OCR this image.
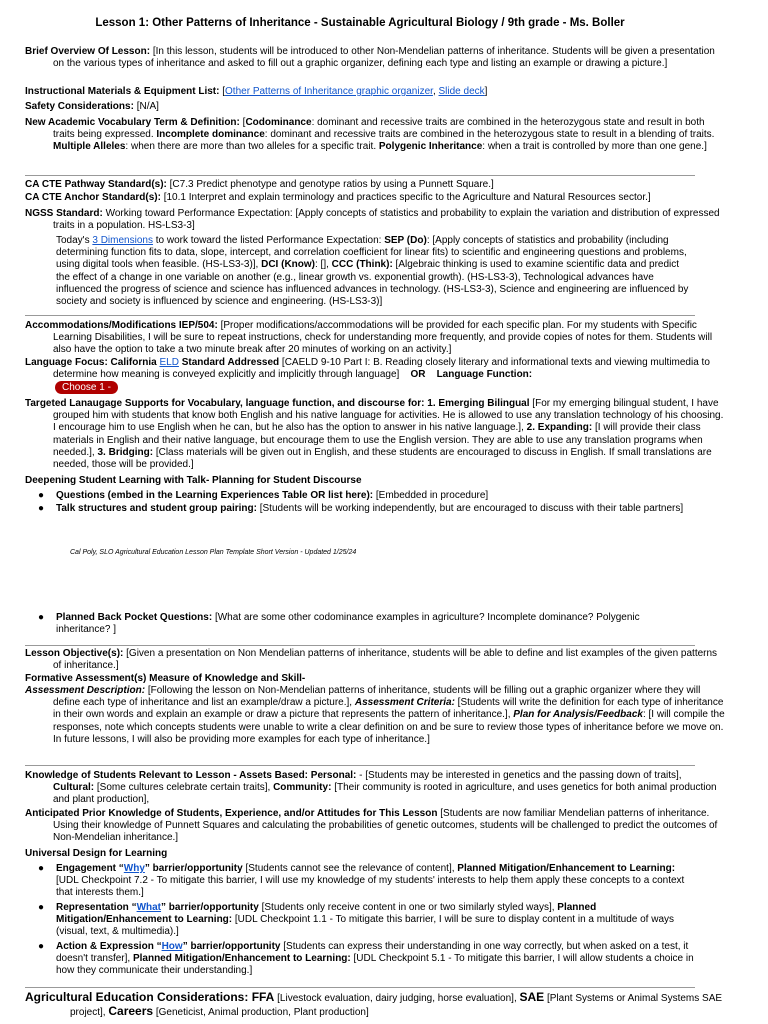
Lesson 1: Other Patterns of Inheritance - Sustainable Agricultural Biology / 9th grade - Ms. Boller
Brief Overview Of Lesson: [In this lesson, students will be introduced to other Non-Mendelian patterns of inheritance. Students will be given a presentation on the various types of inheritance and asked to fill out a graphic organizer, defining each type and listing an example or drawing a picture.]
Instructional Materials & Equipment List: [Other Patterns of Inheritance graphic organizer, Slide deck]
Safety Considerations: [N/A]
New Academic Vocabulary Term & Definition: [Codominance: dominant and recessive traits are combined in the heterozygous state and result in both traits being expressed. Incomplete dominance: dominant and recessive traits are combined in the heterozygous state to result in a blending of traits. Multiple Alleles: when there are more than two alleles for a specific trait. Polygenic Inheritance: when a trait is controlled by more than one gene.]
CA CTE Pathway Standard(s): [C7.3 Predict phenotype and genotype ratios by using a Punnett Square.]
CA CTE Anchor Standard(s): [10.1 Interpret and explain terminology and practices specific to the Agriculture and Natural Resources sector.]
NGSS Standard: Working toward Performance Expectation: [Apply concepts of statistics and probability to explain the variation and distribution of expressed traits in a population. HS-LS3-3]
Today's 3 Dimensions to work toward the listed Performance Expectation: SEP (Do): [Apply concepts of statistics and probability (including determining function fits to data, slope, intercept, and correlation coefficient for linear fits) to scientific and engineering questions and problems, using digital tools when feasible. (HS-LS3-3)], DCI (Know): [], CCC (Think): [Algebraic thinking is used to examine scientific data and predict the effect of a change in one variable on another (e.g., linear growth vs. exponential growth). (HS-LS3-3), Technological advances have influenced the progress of science and science has influenced advances in technology. (HS-LS3-3), Science and engineering are influenced by society and society is influenced by science and engineering. (HS-LS3-3)]
Accommodations/Modifications IEP/504: [Proper modifications/accommodations will be provided for each specific plan. For my students with Specific Learning Disabilities, I will be sure to repeat instructions, check for understanding more frequently, and provide copies of notes for them. Students will also have the option to take a two minute break after 20 minutes of working on an activity.]
Language Focus: California ELD Standard Addressed [CAELD 9-10 Part I: B. Reading closely literary and informational texts and viewing multimedia to determine how meaning is conveyed explicitly and implicitly through language] OR Language Function:
Choose 1 -
Targeted Lanaugage Supports for Vocabulary, language function, and discourse for: 1. Emerging Bilingual [For my emerging bilingual student, I have grouped him with students that know both English and his native language for activities. He is allowed to use any translation technology of his choosing. I encourage him to use English when he can, but he also has the option to answer in his native language.], 2. Expanding: [I will provide their class materials in English and their native language, but encourage them to use the English version. They are able to use any translation programs when needed.], 3. Bridging: [Class materials will be given out in English, and these students are encouraged to discuss in English. If small translations are needed, those will be provided.]
Deepening Student Learning with Talk- Planning for Student Discourse
● Questions (embed in the Learning Experiences Table OR list here): [Embedded in procedure]
● Talk structures and student group pairing: [Students will be working independently, but are encouraged to discuss with their table partners]
Cal Poly, SLO Agricultural Education Lesson Plan Template Short Version - Updated 1/25/24
● Planned Back Pocket Questions: [What are some other codominance examples in agriculture? Incomplete dominance? Polygenic inheritance? ]
Lesson Objective(s): [Given a presentation on Non Mendelian patterns of inheritance, students will be able to define and list examples of the given patterns of inheritance.]
Formative Assessment(s) Measure of Knowledge and Skill-
Assessment Description: [Following the lesson on Non-Mendelian patterns of inheritance, students will be filling out a graphic organizer where they will define each type of inheritance and list an example/draw a picture.], Assessment Criteria: [Students will write the definition for each type of inheritance in their own words and explain an example or draw a picture that represents the pattern of inheritance.], Plan for Analysis/Feedback: [I will compile the responses, note which concepts students were unable to write a clear definition on and be sure to review those types of inheritance before we move on. In future lessons, I will also be providing more examples for each type of inheritance.]
Knowledge of Students Relevant to Lesson - Assets Based: Personal: - [Students may be interested in genetics and the passing down of traits], Cultural: [Some cultures celebrate certain traits], Community: [Their community is rooted in agriculture, and uses genetics for both animal production and plant production],
Anticipated Prior Knowledge of Students, Experience, and/or Attitudes for This Lesson [Students are now familiar Mendelian patterns of inheritance. Using their knowledge of Punnett Squares and calculating the probabilities of genetic outcomes, students will be challenged to predict the outcomes of Non-Mendelian inheritance.]
Universal Design for Learning
● Engagement “Why” barrier/opportunity [Students cannot see the relevance of content], Planned Mitigation/Enhancement to Learning: [UDL Checkpoint 7.2 - To mitigate this barrier, I will use my knowledge of my students' interests to help them apply these concepts to a context that interests them.]
● Representation “What” barrier/opportunity [Students only receive content in one or two similarly styled ways], Planned Mitigation/Enhancement to Learning: [UDL Checkpoint 1.1 - To mitigate this barrier, I will be sure to display content in a multitude of ways (visual, text, & multimedia).]
● Action & Expression “How” barrier/opportunity [Students can express their understanding in one way correctly, but when asked on a test, it doesn't transfer], Planned Mitigation/Enhancement to Learning: [UDL Checkpoint 5.1 - To mitigate this barrier, I will allow students a choice in how they communicate their understanding.]
Agricultural Education Considerations: FFA [Livestock evaluation, dairy judging, horse evaluation], SAE [Plant Systems or Animal Systems SAE project], Careers [Geneticist, Animal production, Plant production]
